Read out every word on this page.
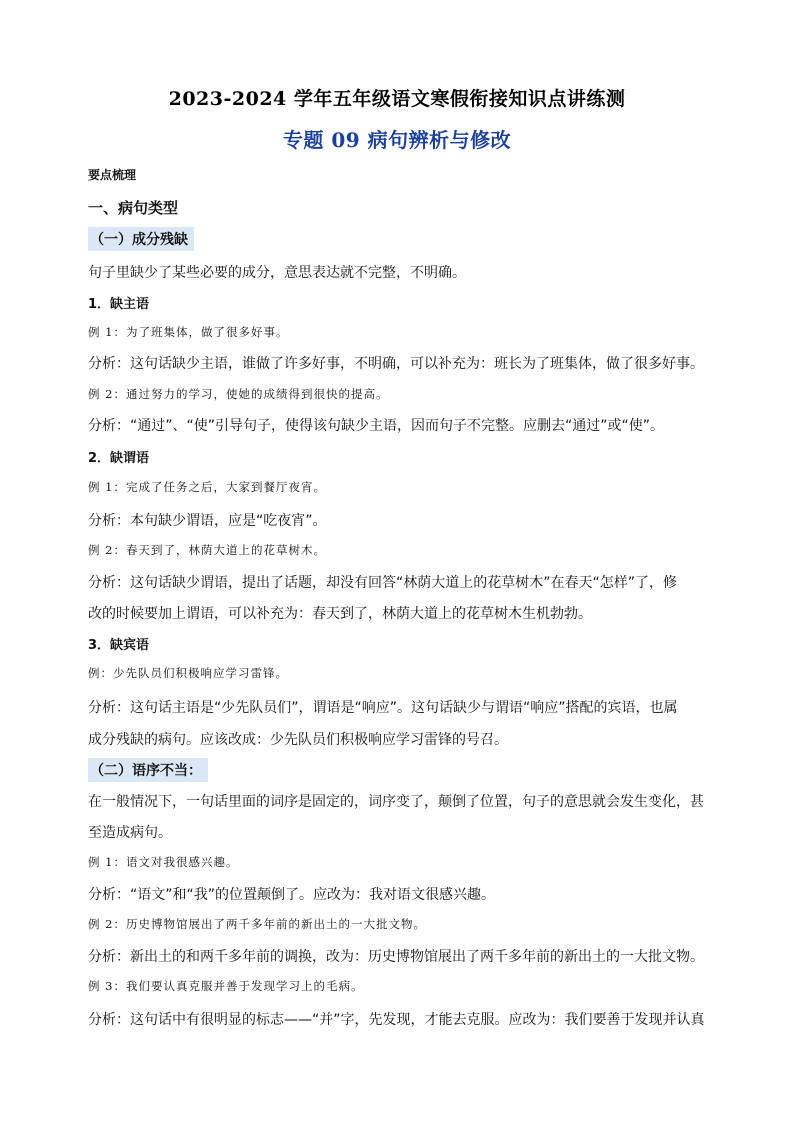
2023-2024 学年五年级语文寒假衔接知识点讲练测
专题 09 病句辨析与修改
要点梳理
一、病句类型
（一）成分残缺
句子里缺少了某些必要的成分，意思表达就不完整，不明确。
1．缺主语
例 1：为了班集体，做了很多好事。
分析：这句话缺少主语，谁做了许多好事，不明确，可以补充为：班长为了班集体，做了很多好事。
例 2：通过努力的学习，使她的成绩得到很快的提高。
分析：“通过”、“使”引导句子，使得该句缺少主语，因而句子不完整。应删去“通过”或“使”。
2．缺谓语
例 1：完成了任务之后，大家到餐厅夜宵。
分析：本句缺少谓语，应是“吃夜宵”。
例 2：春天到了，林荫大道上的花草树木。
分析：这句话缺少谓语，提出了话题，却没有回答“林荫大道上的花草树木”在春天“怎样”了，修
改的时候要加上谓语，可以补充为：春天到了，林荫大道上的花草树木生机勃勃。
3．缺宾语
例：少先队员们积极响应学习雷锋。
分析：这句话主语是“少先队员们”，谓语是“响应”。这句话缺少与谓语“响应”搭配的宾语，也属
成分残缺的病句。应该改成：少先队员们积极响应学习雷锋的号召。
（二）语序不当：
在一般情况下，一句话里面的词序是固定的，词序变了，颠倒了位置，句子的意思就会发生变化，甚
至造成病句。
例 1：语文对我很感兴趣。
分析：“语文”和“我”的位置颠倒了。应改为：我对语文很感兴趣。
例 2：历史博物馆展出了两千多年前的新出土的一大批文物。
分析：新出土的和两千多年前的调换，改为：历史博物馆展出了两千多年前的新出土的一大批文物。
例 3：我们要认真克服并善于发现学习上的毛病。
分析：这句话中有很明显的标志——“并”字，先发现，才能去克服。应改为：我们要善于发现并认真
